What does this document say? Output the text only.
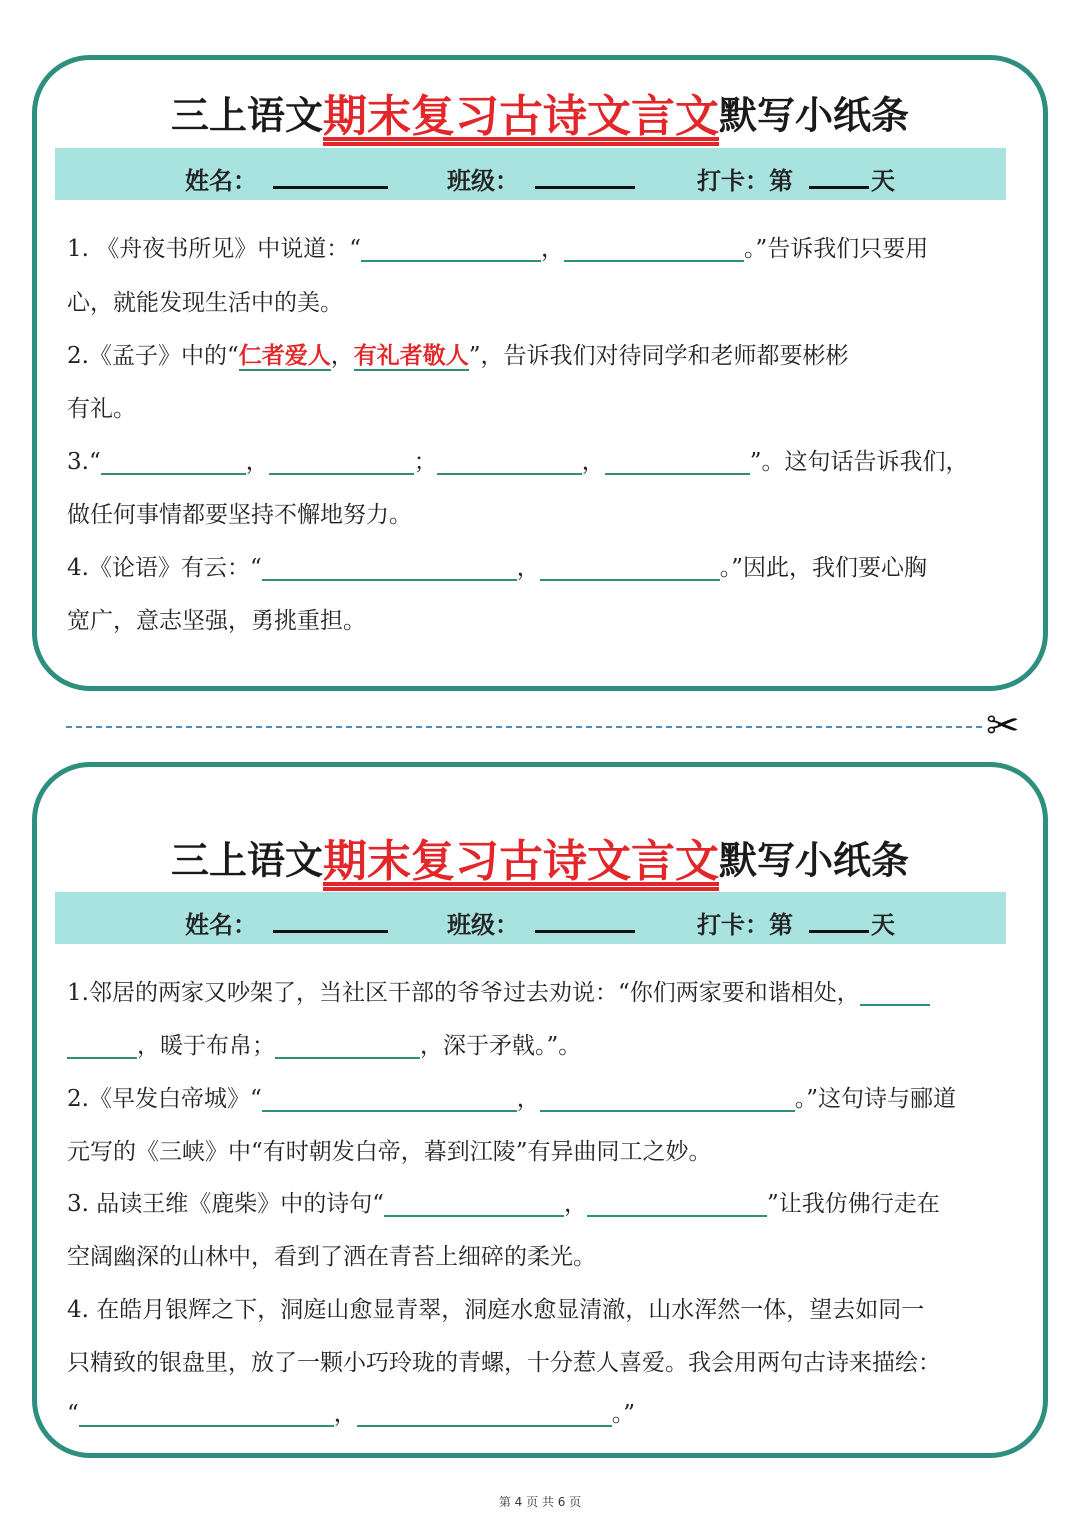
三上语文期末复习古诗文言文默写小纸条
姓名：	班级：	打卡：第	天
1. 《舟夜书所见》中说道：“	，	。”告诉我们只要用
心，就能发现生活中的美。
2.《孟子》中的“仁者爱人，有礼者敬人”，告诉我们对待同学和老师都要彬彬
有礼。
3.“	，	；	，	”。这句话告诉我们，
做任何事情都要坚持不懈地努力。
4.《论语》有云：“	，	。”因此，我们要心胸
宽广，意志坚强，勇挑重担。
✂
三上语文期末复习古诗文言文默写小纸条
姓名：	班级：	打卡：第	天
1.邻居的两家又吵架了，当社区干部的爷爷过去劝说：“你们两家要和谐相处，
，暖于布帛；	，深于矛戟。”。
2.《早发白帝城》“	，	。”这句诗与郦道
元写的《三峡》中“有时朝发白帝，暮到江陵”有异曲同工之妙。
3. 品读王维《鹿柴》中的诗句“	，	”让我仿佛行走在
空阔幽深的山林中，看到了洒在青苔上细碎的柔光。
4. 在皓月银辉之下，洞庭山愈显青翠，洞庭水愈显清澈，山水浑然一体，望去如同一
只精致的银盘里，放了一颗小巧玲珑的青螺，十分惹人喜爱。我会用两句古诗来描绘：
“	，	。”
第 4 页 共 6 页
